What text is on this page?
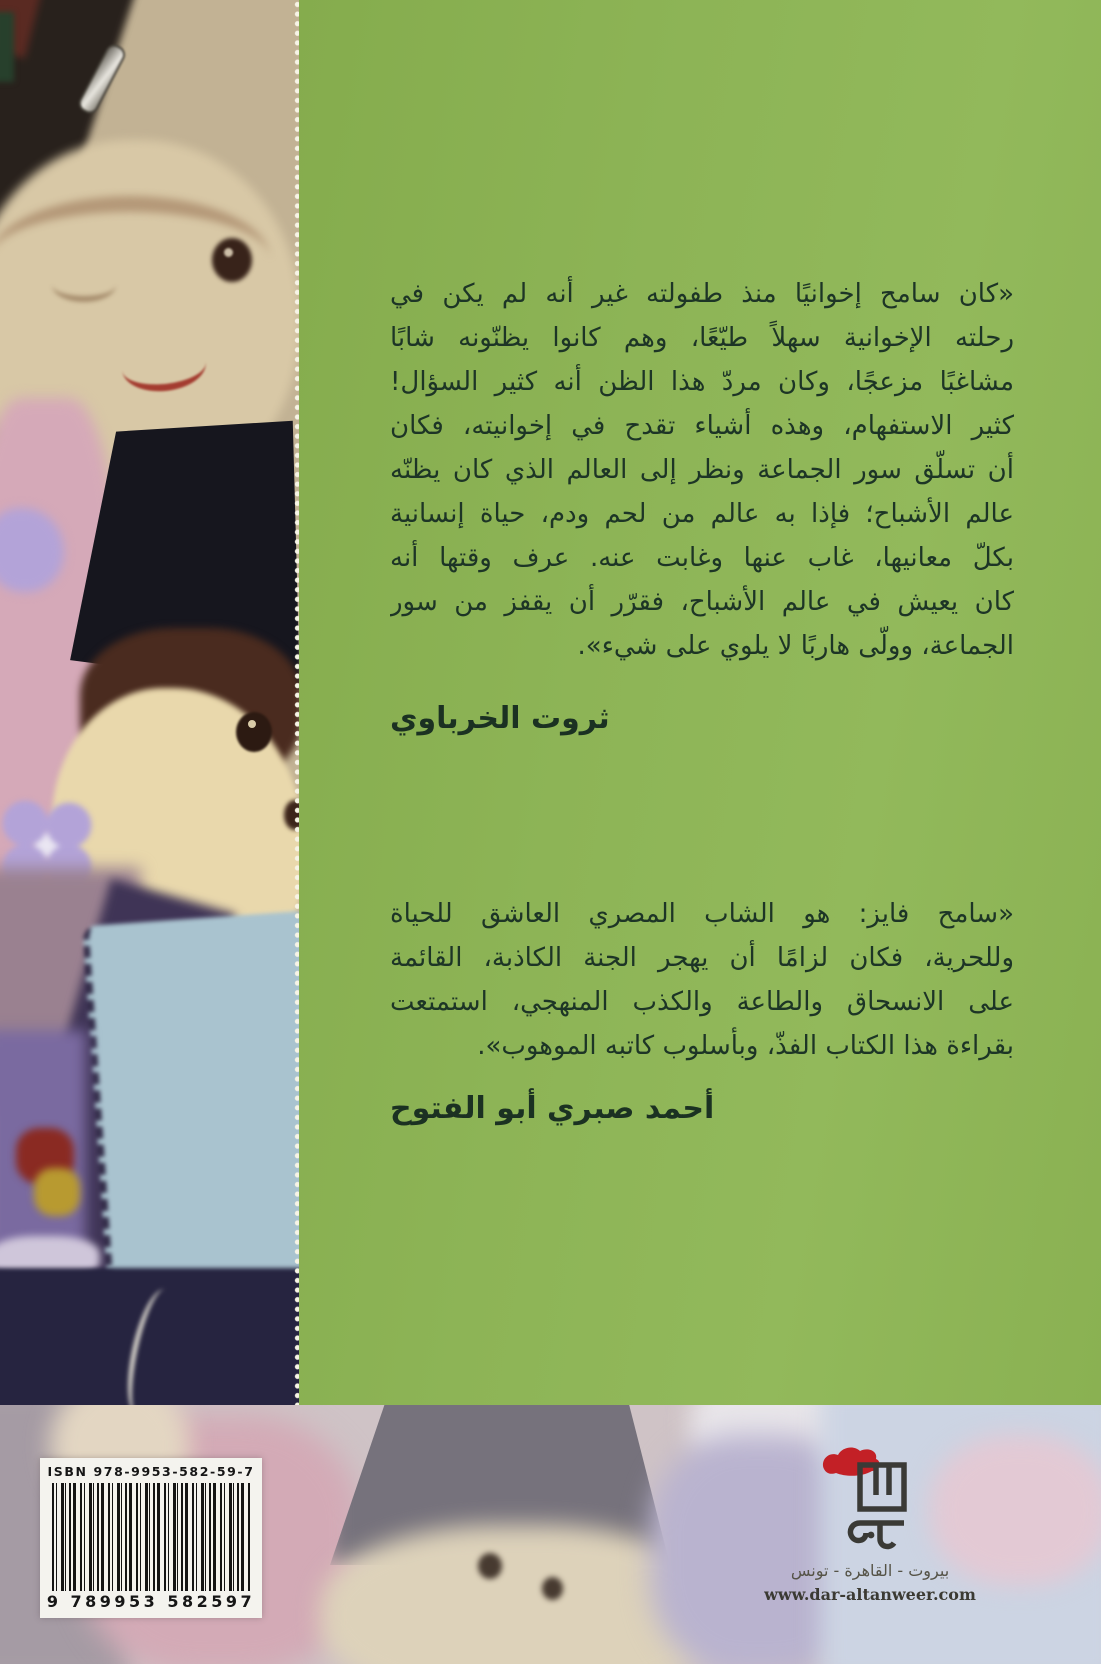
«كان سامح إخوانيًا منذ طفولته غير أنه لم يكن في
رحلته الإخوانية سهلاً طيّعًا، وهم كانوا يظنّونه شابًا
مشاغبًا مزعجًا، وكان مردّ هذا الظن أنه كثير السؤال!
كثير الاستفهام، وهذه أشياء تقدح في إخوانيته، فكان
أن تسلّق سور الجماعة ونظر إلى العالم الذي كان يظنّه
عالم الأشباح؛ فإذا به عالم من لحم ودم، حياة إنسانية
بكلّ معانيها، غاب عنها وغابت عنه. عرف وقتها أنه
كان يعيش في عالم الأشباح، فقرّر أن يقفز من سور
الجماعة، وولّى هاربًا لا يلوي على شيء».
ثروت الخرباوي
«سامح فايز: هو الشاب المصري العاشق للحياة
وللحرية، فكان لزامًا أن يهجر الجنة الكاذبة، القائمة
على الانسحاق والطاعة والكذب المنهجي، استمتعت
بقراءة هذا الكتاب الفذّ، وبأسلوب كاتبه الموهوب».
أحمد صبري أبو الفتوح
ISBN 978-9953-582-59-7
9 789953 582597
بيروت - القاهرة - تونس
www.dar-altanweer.com
